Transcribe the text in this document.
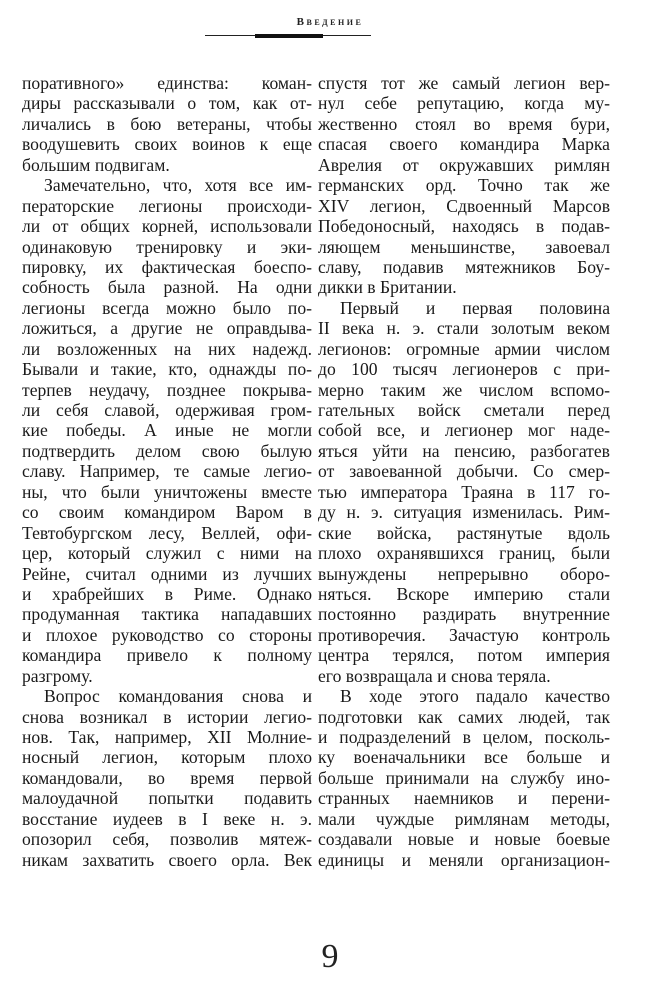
Введение
поративного» единства: коман-
диры рассказывали о том, как от-
личались в бою ветераны, чтобы
воодушевить своих воинов к еще
большим подвигам.
Замечательно, что, хотя все им-
ператорские легионы происходи-
ли от общих корней, использовали
одинаковую тренировку и эки-
пировку, их фактическая боеспо-
собность была разной. На одни
легионы всегда можно было по-
ложиться, а другие не оправдыва-
ли возложенных на них надежд.
Бывали и такие, кто, однажды по-
терпев неудачу, позднее покрыва-
ли себя славой, одерживая гром-
кие победы. А иные не могли
подтвердить делом свою былую
славу. Например, те самые легио-
ны, что были уничтожены вместе
со своим командиром Варом в
Тевтобургском лесу, Веллей, офи-
цер, который служил с ними на
Рейне, считал одними из лучших
и храбрейших в Риме. Однако
продуманная тактика нападавших
и плохое руководство со стороны
командира привело к полному
разгрому.
Вопрос командования снова и
снова возникал в истории легио-
нов. Так, например, XII Молние-
носный легион, которым плохо
командовали, во время первой
малоудачной попытки подавить
восстание иудеев в I веке н. э.
опозорил себя, позволив мятеж-
никам захватить своего орла. Век
спустя тот же самый легион вер-
нул себе репутацию, когда му-
жественно стоял во время бури,
спасая своего командира Марка
Аврелия от окружавших римлян
германских орд. Точно так же
XIV легион, Сдвоенный Марсов
Победоносный, находясь в подав-
ляющем меньшинстве, завоевал
славу, подавив мятежников Боу-
дикки в Британии.
Первый и первая половина
II века н. э. стали золотым веком
легионов: огромные армии числом
до 100 тысяч легионеров с при-
мерно таким же числом вспомо-
гательных войск сметали перед
собой все, и легионер мог наде-
яться уйти на пенсию, разбогатев
от завоеванной добычи. Со смер-
тью императора Траяна в 117 го-
ду н. э. ситуация изменилась. Рим-
ские войска, растянутые вдоль
плохо охранявшихся границ, были
вынуждены непрерывно оборо-
няться. Вскоре империю стали
постоянно раздирать внутренние
противоречия. Зачастую контроль
центра терялся, потом империя
его возвращала и снова теряла.
В ходе этого падало качество
подготовки как самих людей, так
и подразделений в целом, посколь-
ку военачальники все больше и
больше принимали на службу ино-
странных наемников и перени-
мали чуждые римлянам методы,
создавали новые и новые боевые
единицы и меняли организацион-
9
